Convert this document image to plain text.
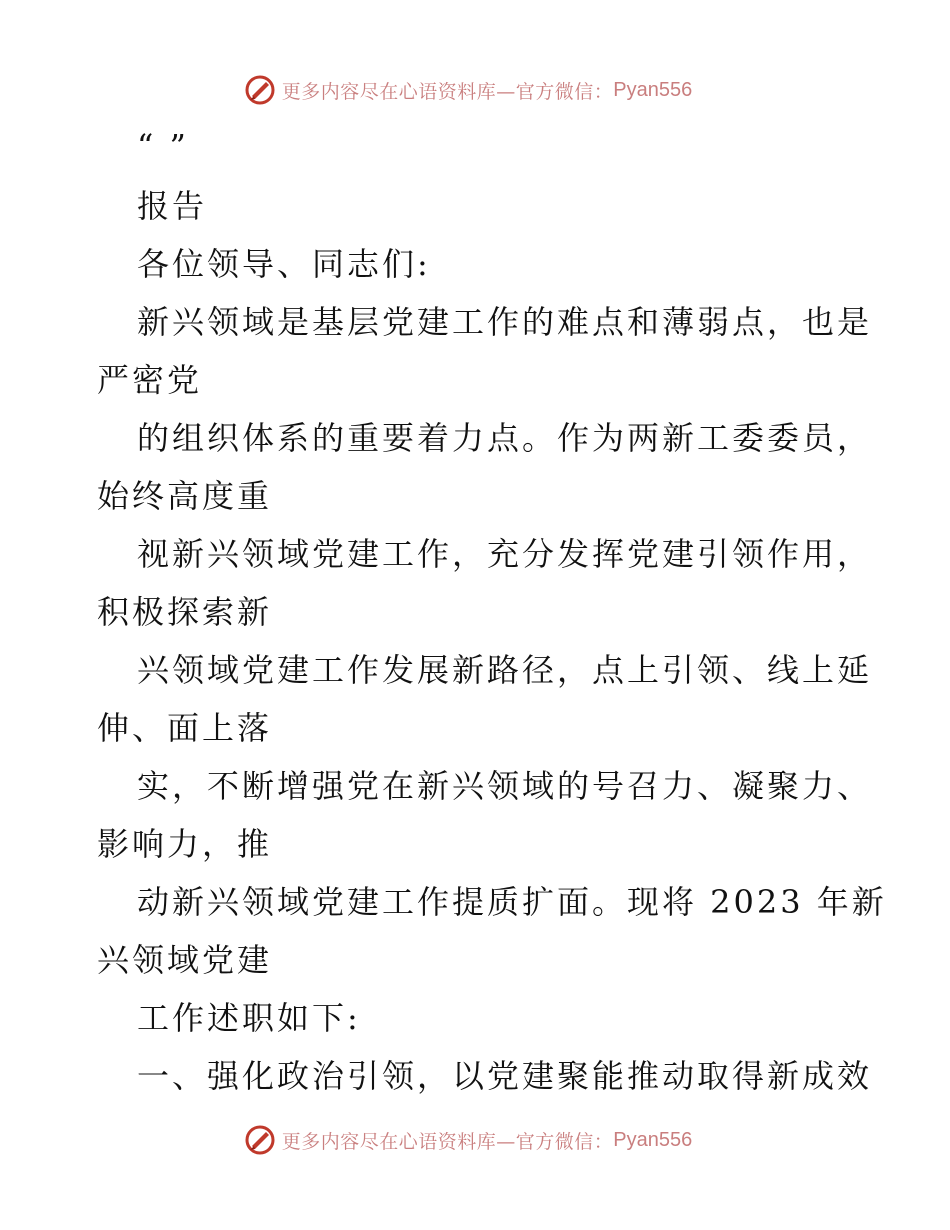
更多内容尽在心语资料库—官方微信： Pyan556
“ ”
报告
各位领导、同志们:
新兴领域是基层党建工作的难点和薄弱点，也是
严密党
的组织体系的重要着力点。作为两新工委委员，
始终高度重
视新兴领域党建工作，充分发挥党建引领作用，
积极探索新
兴领域党建工作发展新路径，点上引领、线上延
伸、面上落
实，不断增强党在新兴领域的号召力、凝聚力、
影响力，推
动新兴领域党建工作提质扩面。现将 2023 年新
兴领域党建
工作述职如下:
一、强化政治引领，以党建聚能推动取得新成效
更多内容尽在心语资料库—官方微信： Pyan556
